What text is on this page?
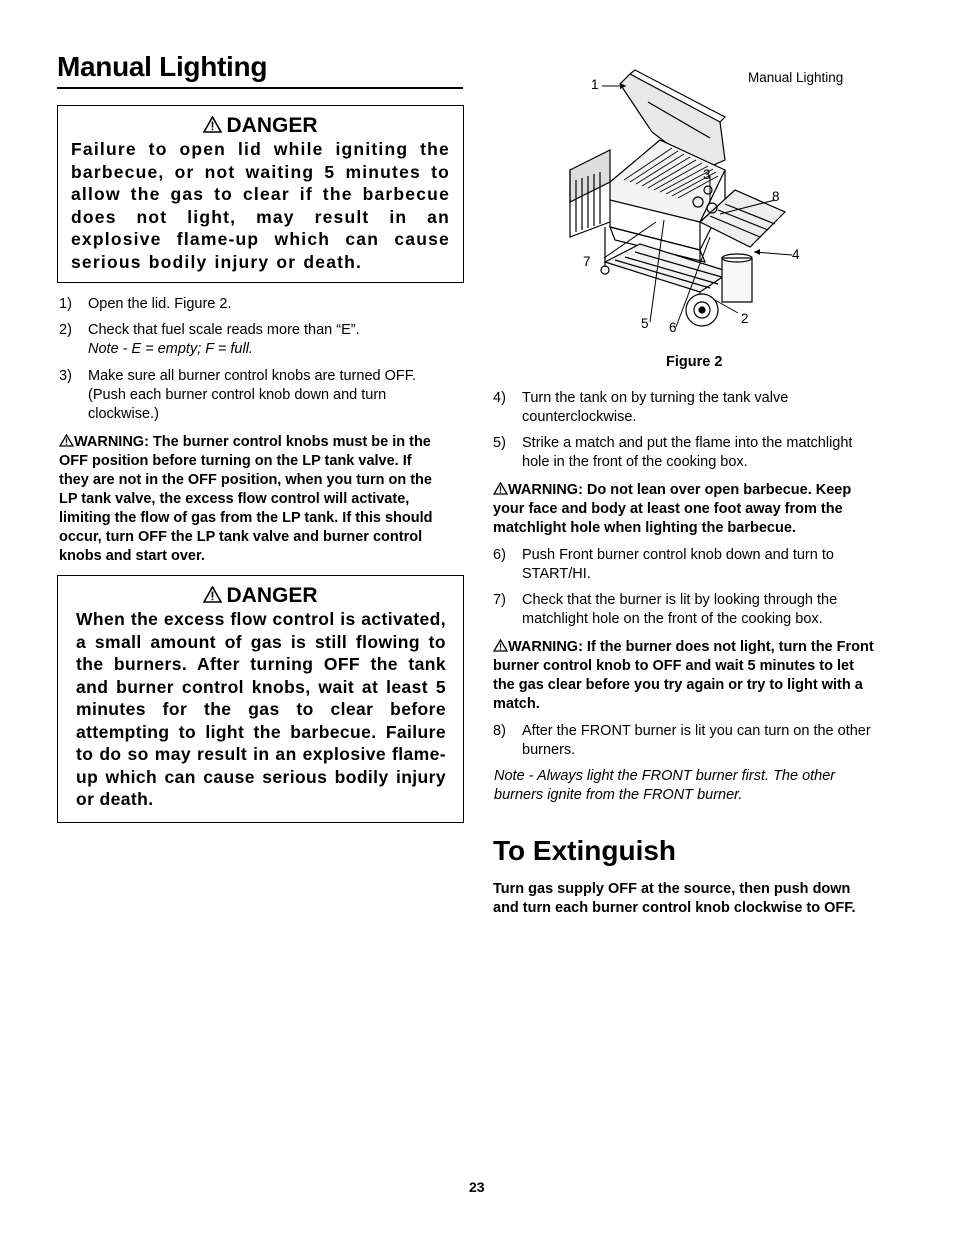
Manual Lighting
DANGER
Failure to open lid while igniting the barbecue, or not waiting 5 minutes to allow the gas to clear if the barbecue does not light, may result in an explosive flame-up which can cause serious bodily injury or death.
1) Open the lid. Figure 2.
2) Check that fuel scale reads more than “E”.
Note - E = empty; F = full.
3) Make sure all burner control knobs are turned OFF.
(Push each burner control knob down and turn
clockwise.)
WARNING: The burner control knobs must be in the
OFF position before turning on the LP tank valve. If
they are not in the OFF position, when you turn on the
LP tank valve, the excess flow control will activate,
limiting the flow of gas from the LP tank. If this should
occur, turn OFF the LP tank valve and burner control
knobs and start over.
DANGER
When the excess flow control is activated, a small amount of gas is still flowing to the burners. After turning OFF the tank and burner control knobs, wait at least 5 minutes for the gas to clear before attempting to light the barbecue. Failure to do so may result in an explosive flame-up which can cause serious bodily injury or death.
Manual Lighting
1
3
8
4
7
2
5 6
Figure 2
4) Turn the tank on by turning the tank valve
counterclockwise.
5) Strike a match and put the flame into the matchlight
hole in the front of the cooking box.
WARNING: Do not lean over open barbecue. Keep
your face and body at least one foot away from the
matchlight hole when lighting the barbecue.
6) Push Front burner control knob down and turn to
START/HI.
7) Check that the burner is lit by looking through the
matchlight hole on the front of the cooking box.
WARNING: If the burner does not light, turn the Front
burner control knob to OFF and wait 5 minutes to let
the gas clear before you try again or try to light with a
match.
8) After the FRONT burner is lit you can turn on the other
burners.
Note - Always light the FRONT burner first. The other
burners ignite from the FRONT burner.
To Extinguish
Turn gas supply OFF at the source, then push down
and turn each burner control knob clockwise to OFF.
23
